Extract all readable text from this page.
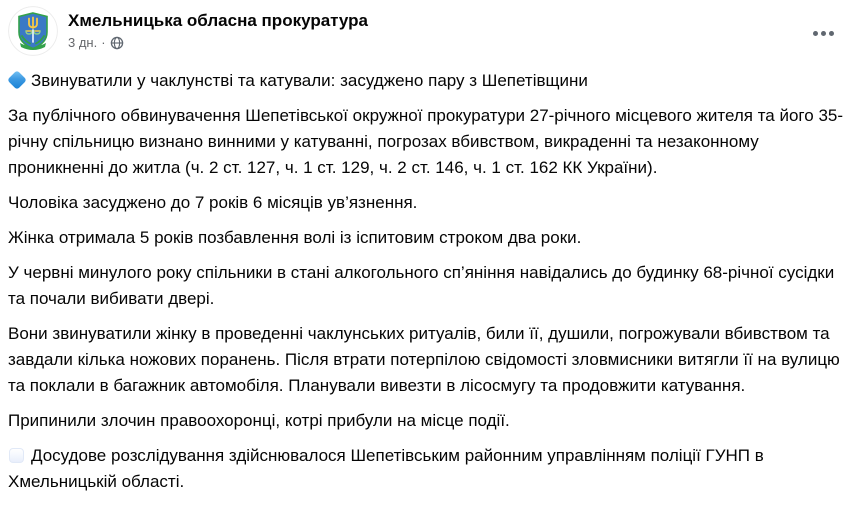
Хмельницька обласна прокуратура
3 дн. ·

Звинуватили у чаклунстві та катували: засуджено пару з Шепетівщини

За публічного обвинувачення Шепетівської окружної прокуратури 27-річного місцевого жителя та його 35-річну спільницю визнано винними у катуванні, погрозах вбивством, викраденні та незаконному проникненні до житла (ч. 2 ст. 127, ч. 1 ст. 129, ч. 2 ст. 146, ч. 1 ст. 162 КК України).

Чоловіка засуджено до 7 років 6 місяців ув’язнення.

Жінка отримала 5 років позбавлення волі із іспитовим строком два роки.

У червні минулого року спільники в стані алкогольного сп’яніння навідались до будинку 68-річної сусідки та почали вибивати двері.

Вони звинуватили жінку в проведенні чаклунських ритуалів, били її, душили, погрожували вбивством та завдали кілька ножових поранень. Після втрати потерпілою свідомості зловмисники витягли її на вулицю та поклали в багажник автомобіля. Планували вивезти в лісосмугу та продовжити катування.

Припинили злочин правоохоронці, котрі прибули на місце події.

Досудове розслідування здійснювалося Шепетівським районним управлінням поліції ГУНП в Хмельницькій області.
